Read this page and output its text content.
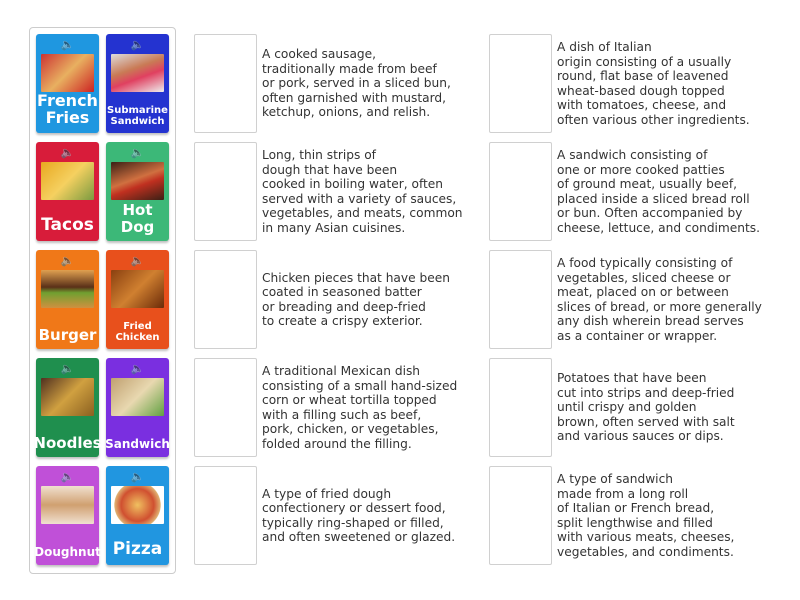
🔈
French Fries
🔈
Submarine Sandwich
🔈
Tacos
🔈
Hot Dog
🔈
Burger
🔈
Fried Chicken
🔈
Noodles
🔈
Sandwich
🔈
Doughnut
🔈
Pizza
A cooked sausage,
traditionally made from beef
or pork, served in a sliced bun,
often garnished with mustard,
ketchup, onions, and relish.
A dish of Italian
origin consisting of a usually
round, flat base of leavened
wheat-based dough topped
with tomatoes, cheese, and
often various other ingredients.
Long, thin strips of
dough that have been
cooked in boiling water, often
served with a variety of sauces,
vegetables, and meats, common
in many Asian cuisines.
A sandwich consisting of
one or more cooked patties
of ground meat, usually beef,
placed inside a sliced bread roll
or bun. Often accompanied by
cheese, lettuce, and condiments.
Chicken pieces that have been
coated in seasoned batter
or breading and deep-fried
to create a crispy exterior.
A food typically consisting of
vegetables, sliced cheese or
meat, placed on or between
slices of bread, or more generally
any dish wherein bread serves
as a container or wrapper.
A traditional Mexican dish
consisting of a small hand-sized
corn or wheat tortilla topped
with a filling such as beef,
pork, chicken, or vegetables,
folded around the filling.
Potatoes that have been
cut into strips and deep-fried
until crispy and golden
brown, often served with salt
and various sauces or dips.
A type of fried dough
confectionery or dessert food,
typically ring-shaped or filled,
and often sweetened or glazed.
A type of sandwich
made from a long roll
of Italian or French bread,
split lengthwise and filled
with various meats, cheeses,
vegetables, and condiments.
